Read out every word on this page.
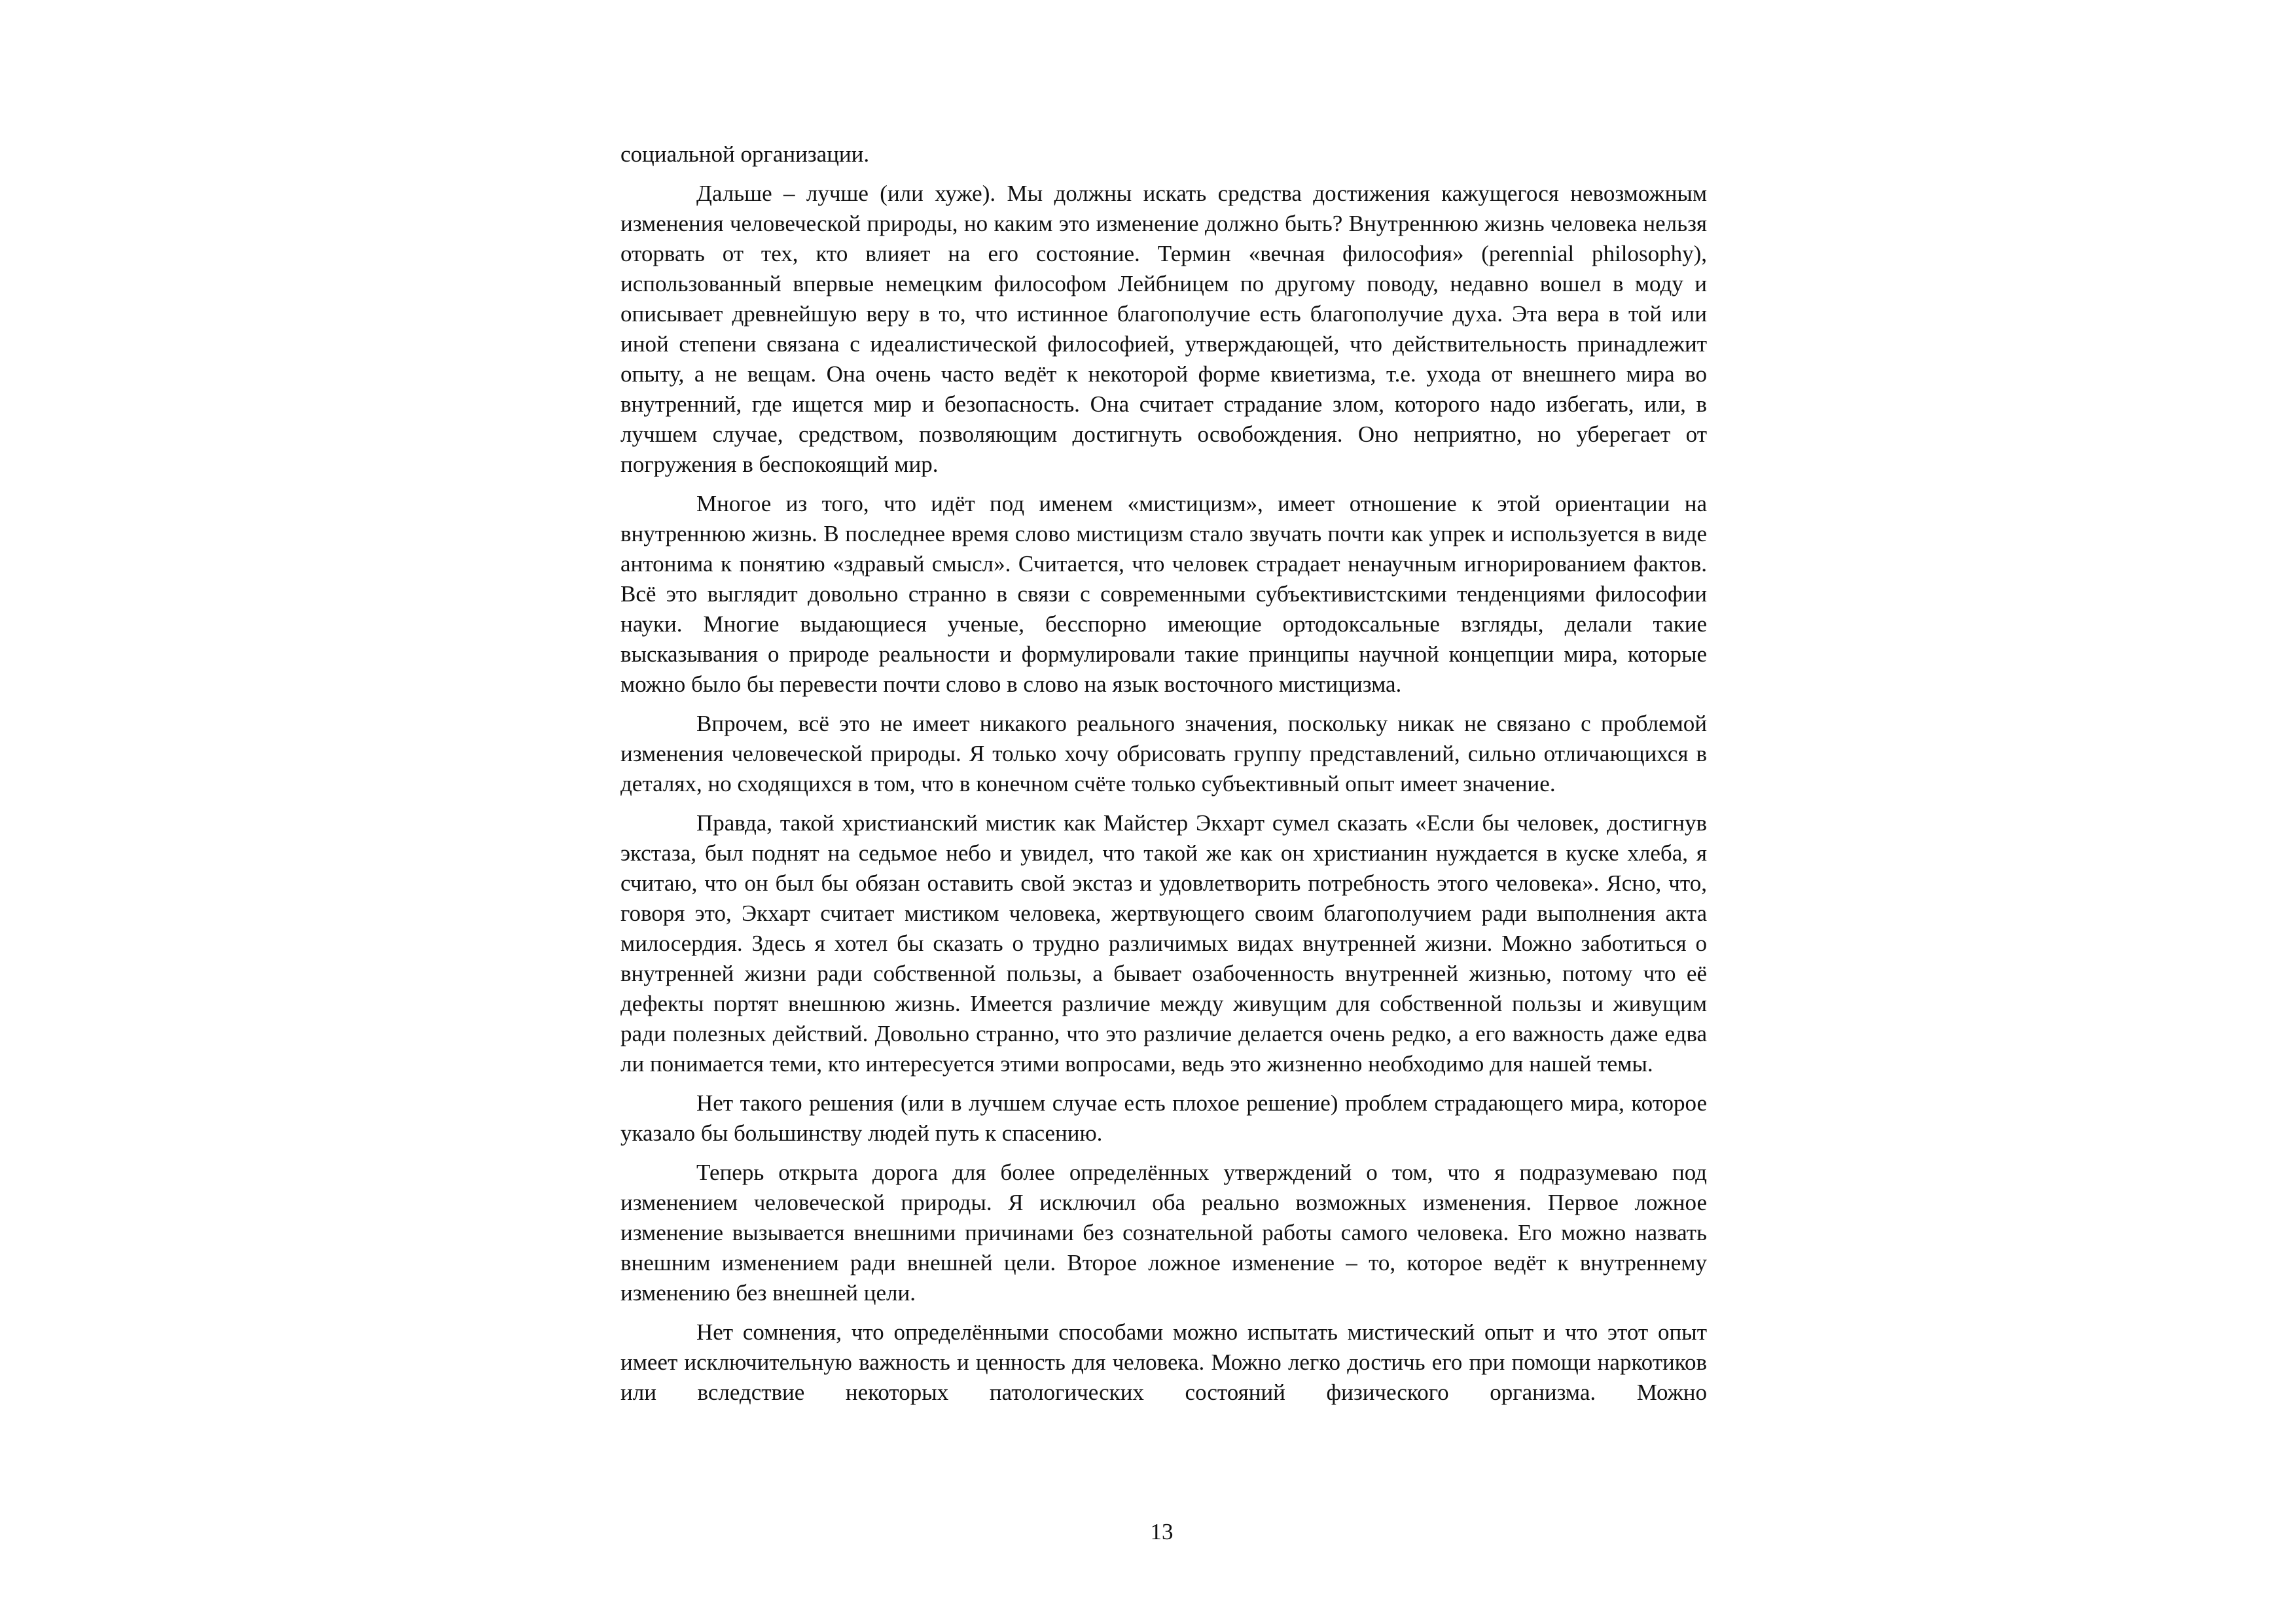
социальной организации.

Дальше – лучше (или хуже). Мы должны искать средства достижения кажущегося невозможным изменения человеческой природы, но каким это изменение должно быть? Внутреннюю жизнь человека нельзя оторвать от тех, кто влияет на его состояние. Термин «вечная философия» (perennial philosophy), использованный впервые немецким философом Лейбницем по другому поводу, недавно вошел в моду и описывает древнейшую веру в то, что истинное благополучие есть благополучие духа. Эта вера в той или иной степени связана с идеалистической философией, утверждающей, что действительность принадлежит опыту, а не вещам. Она очень часто ведёт к некоторой форме квиетизма, т.е. ухода от внешнего мира во внутренний, где ищется мир и безопасность. Она считает страдание злом, которого надо избегать, или, в лучшем случае, средством, позволяющим достигнуть освобождения. Оно неприятно, но уберегает от погружения в беспокоящий мир.

Многое из того, что идёт под именем «мистицизм», имеет отношение к этой ориентации на внутреннюю жизнь. В последнее время слово мистицизм стало звучать почти как упрек и используется в виде антонима к понятию «здравый смысл». Считается, что человек страдает ненаучным игнорированием фактов. Всё это выглядит довольно странно в связи с современными субъективистскими тенденциями философии науки. Многие выдающиеся ученые, бесспорно имеющие ортодоксальные взгляды, делали такие высказывания о природе реальности и формулировали такие принципы научной концепции мира, которые можно было бы перевести почти слово в слово на язык восточного мистицизма.

Впрочем, всё это не имеет никакого реального значения, поскольку никак не связано с проблемой изменения человеческой природы. Я только хочу обрисовать группу представлений, сильно отличающихся в деталях, но сходящихся в том, что в конечном счёте только субъективный опыт имеет значение.

Правда, такой христианский мистик как Майстер Экхарт сумел сказать «Если бы человек, достигнув экстаза, был поднят на седьмое небо и увидел, что такой же как он христианин нуждается в куске хлеба, я считаю, что он был бы обязан оставить свой экстаз и удовлетворить потребность этого человека». Ясно, что, говоря это, Экхарт считает мистиком человека, жертвующего своим благополучием ради выполнения акта милосердия. Здесь я хотел бы сказать о трудно различимых видах внутренней жизни. Можно заботиться о внутренней жизни ради собственной пользы, а бывает озабоченность внутренней жизнью, потому что её дефекты портят внешнюю жизнь. Имеется различие между живущим для собственной пользы и живущим ради полезных действий. Довольно странно, что это различие делается очень редко, а его важность даже едва ли понимается теми, кто интересуется этими вопросами, ведь это жизненно необходимо для нашей темы.

Нет такого решения (или в лучшем случае есть плохое решение) проблем страдающего мира, которое указало бы большинству людей путь к спасению.

Теперь открыта дорога для более определённых утверждений о том, что я подразумеваю под изменением человеческой природы. Я исключил оба реально возможных изменения. Первое ложное изменение вызывается внешними причинами без сознательной работы самого человека. Его можно назвать внешним изменением ради внешней цели. Второе ложное изменение – то, которое ведёт к внутреннему изменению без внешней цели.

Нет сомнения, что определёнными способами можно испытать мистический опыт и что этот опыт имеет исключительную важность и ценность для человека. Можно легко достичь его при помощи наркотиков или вследствие некоторых патологических состояний физического организма. Можно

13
